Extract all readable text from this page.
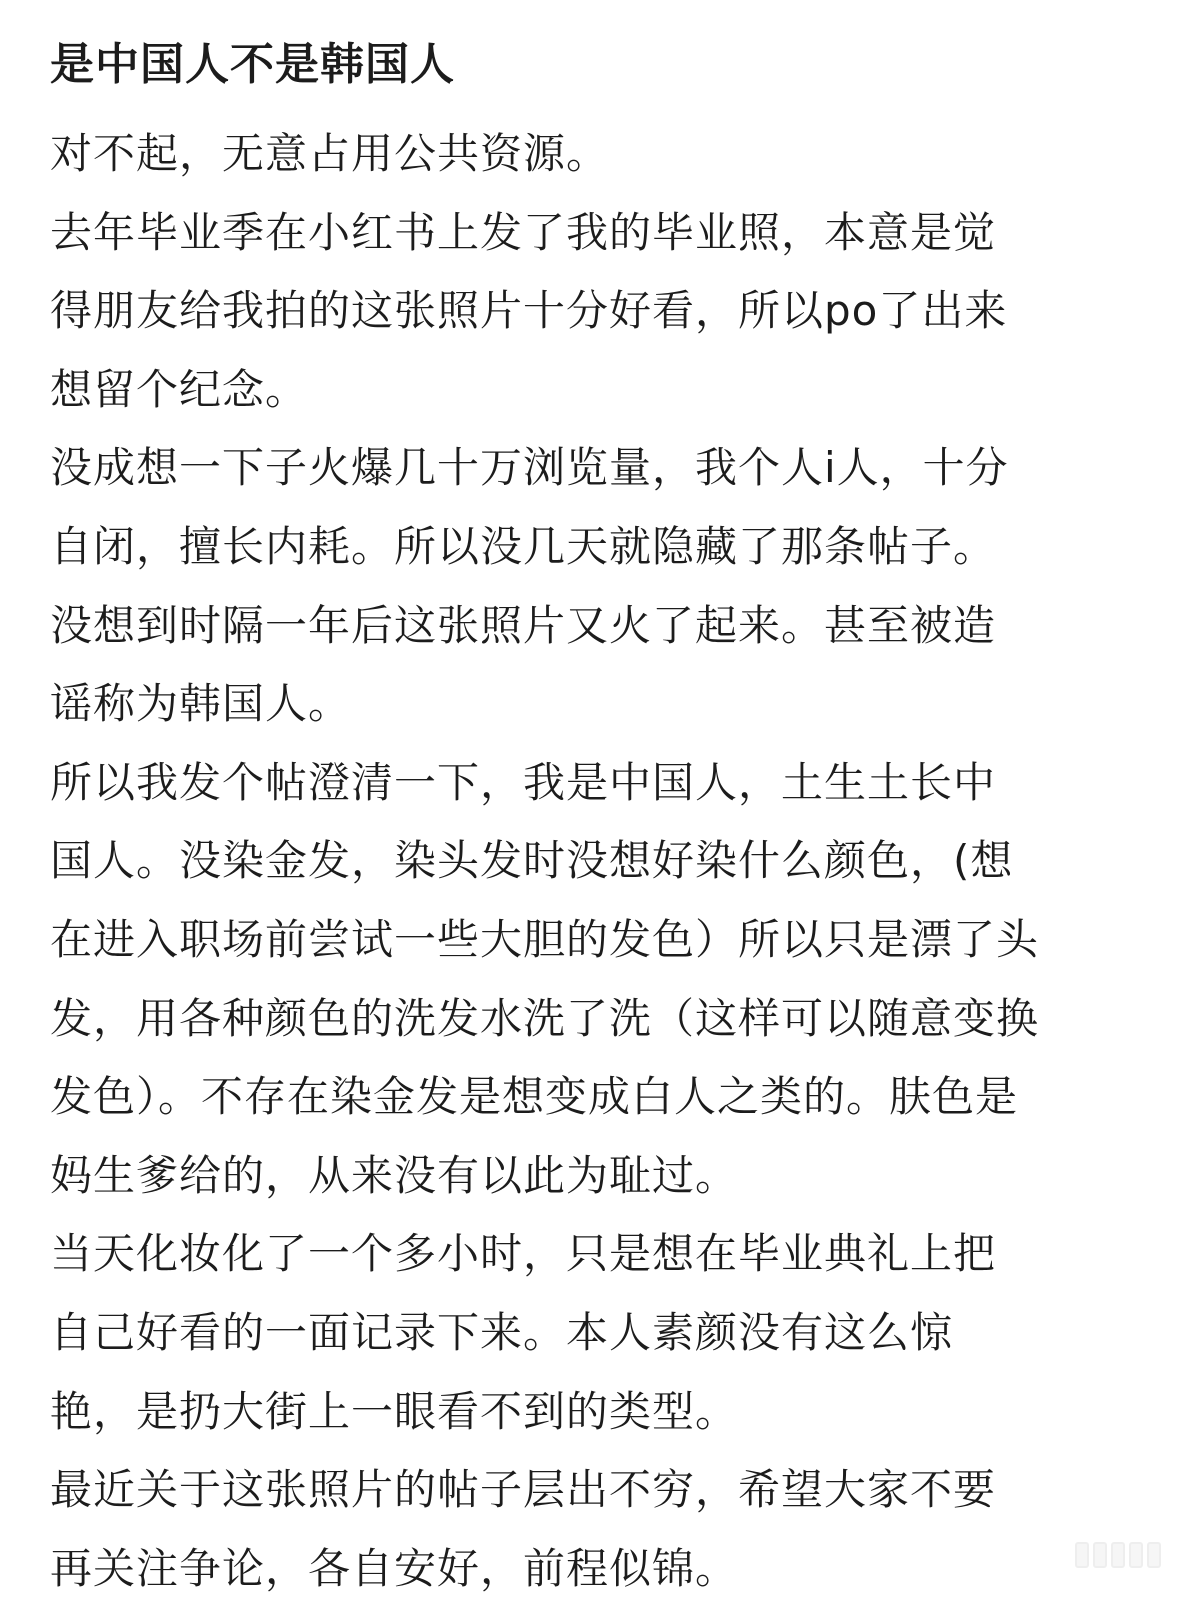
是中国人不是韩国人
对不起，无意占用公共资源。
去年毕业季在小红书上发了我的毕业照，本意是觉
得朋友给我拍的这张照片十分好看，所以po了出来
想留个纪念。
没成想一下子火爆几十万浏览量，我个人i人，十分
自闭，擅长内耗。所以没几天就隐藏了那条帖子。
没想到时隔一年后这张照片又火了起来。甚至被造
谣称为韩国人。
所以我发个帖澄清一下，我是中国人，土生土长中
国人。没染金发，染头发时没想好染什么颜色，(想
在进入职场前尝试一些大胆的发色）所以只是漂了头
发，用各种颜色的洗发水洗了洗（这样可以随意变换
发色）。不存在染金发是想变成白人之类的。肤色是
妈生爹给的，从来没有以此为耻过。
当天化妆化了一个多小时，只是想在毕业典礼上把
自己好看的一面记录下来。本人素颜没有这么惊
艳，是扔大街上一眼看不到的类型。
最近关于这张照片的帖子层出不穷，希望大家不要
再关注争论，各自安好，前程似锦。
